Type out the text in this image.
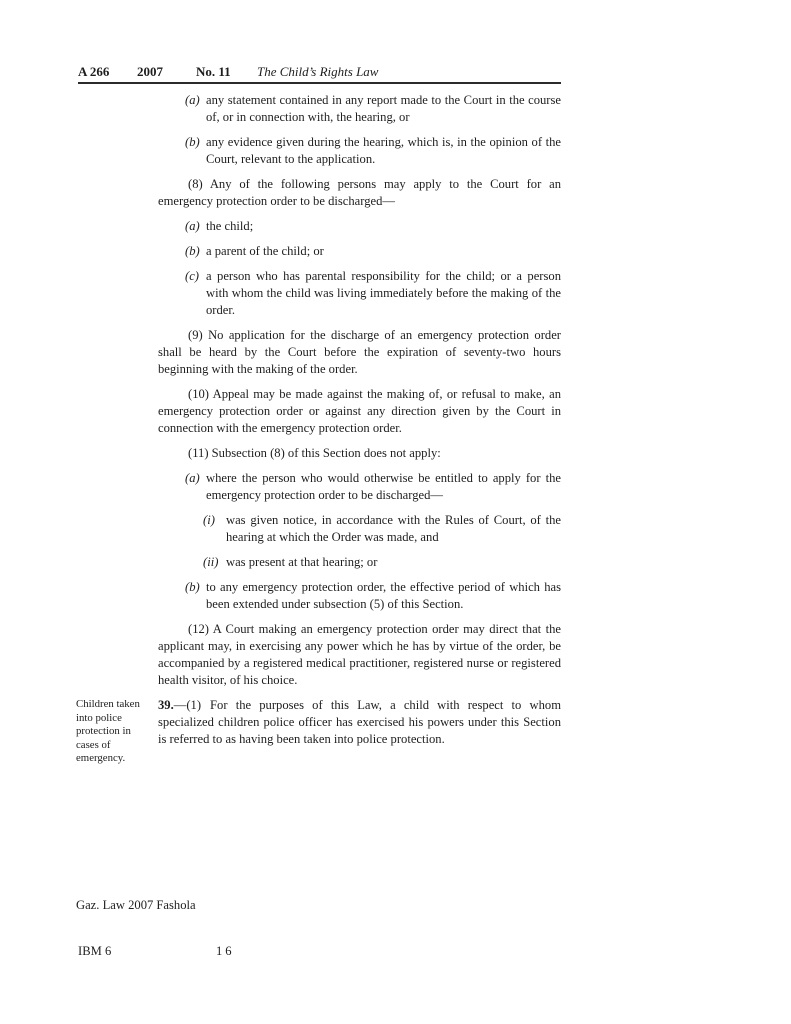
A 266 2007	No. 11 The Child’s Rights Law
(a) any statement contained in any report made to the Court in the course of, or in connection with, the hearing, or
(b) any evidence given during the hearing, which is, in the opinion of the Court, relevant to the application.
(8) Any of the following persons may apply to the Court for an emergency protection order to be discharged—
(a) the child;
(b) a parent of the child; or
(c) a person who has parental responsibility for the child; or a person with whom the child was living immediately before the making of the order.
(9) No application for the discharge of an emergency protection order shall be heard by the Court before the expiration of seventy-two hours beginning with the making of the order.
(10) Appeal may be made against the making of, or refusal to make, an emergency protection order or against any direction given by the Court in connection with the emergency protection order.
(11) Subsection (8) of this Section does not apply:
(a) where the person who would otherwise be entitled to apply for the emergency protection order to be discharged—
(i) was given notice, in accordance with the Rules of Court, of the hearing at which the Order was made, and
(ii) was present at that hearing; or
(b) to any emergency protection order, the effective period of which has been extended under subsection (5) of this Section.
(12) A Court making an emergency protection order may direct that the applicant may, in exercising any power which he has by virtue of the order, be accompanied by a registered medical practitioner, registered nurse or registered health visitor, of his choice.
Children taken into police protection in cases of emergency.
39.—(1) For the purposes of this Law, a child with respect to whom specialized children police officer has exercised his powers under this Section is referred to as having been taken into police protection.
Gaz. Law 2007 Fashola
IBM 6	16
